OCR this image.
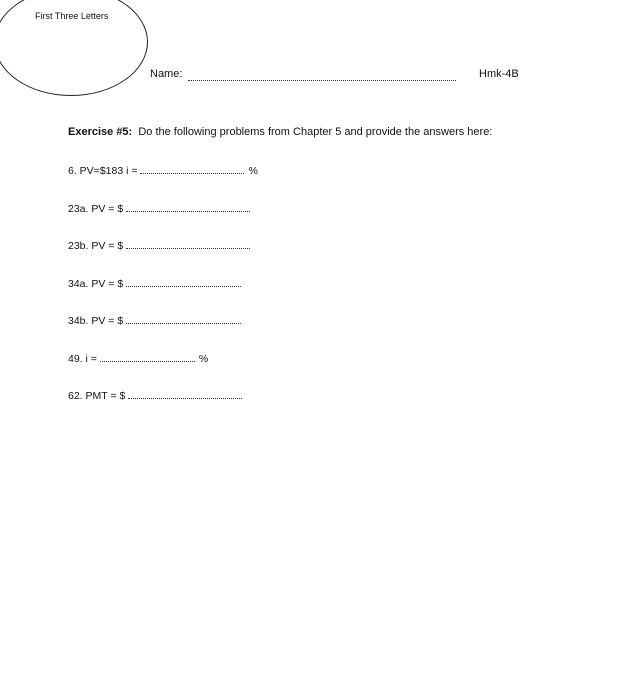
First Three Letters
Name:	Hmk-4B
Exercise #5: Do the following problems from Chapter 5 and provide the answers here:
6. PV=$183 i =	%
23a. PV = $
23b. PV = $
34a. PV = $
34b. PV = $
49. i =	%
62. PMT = $
